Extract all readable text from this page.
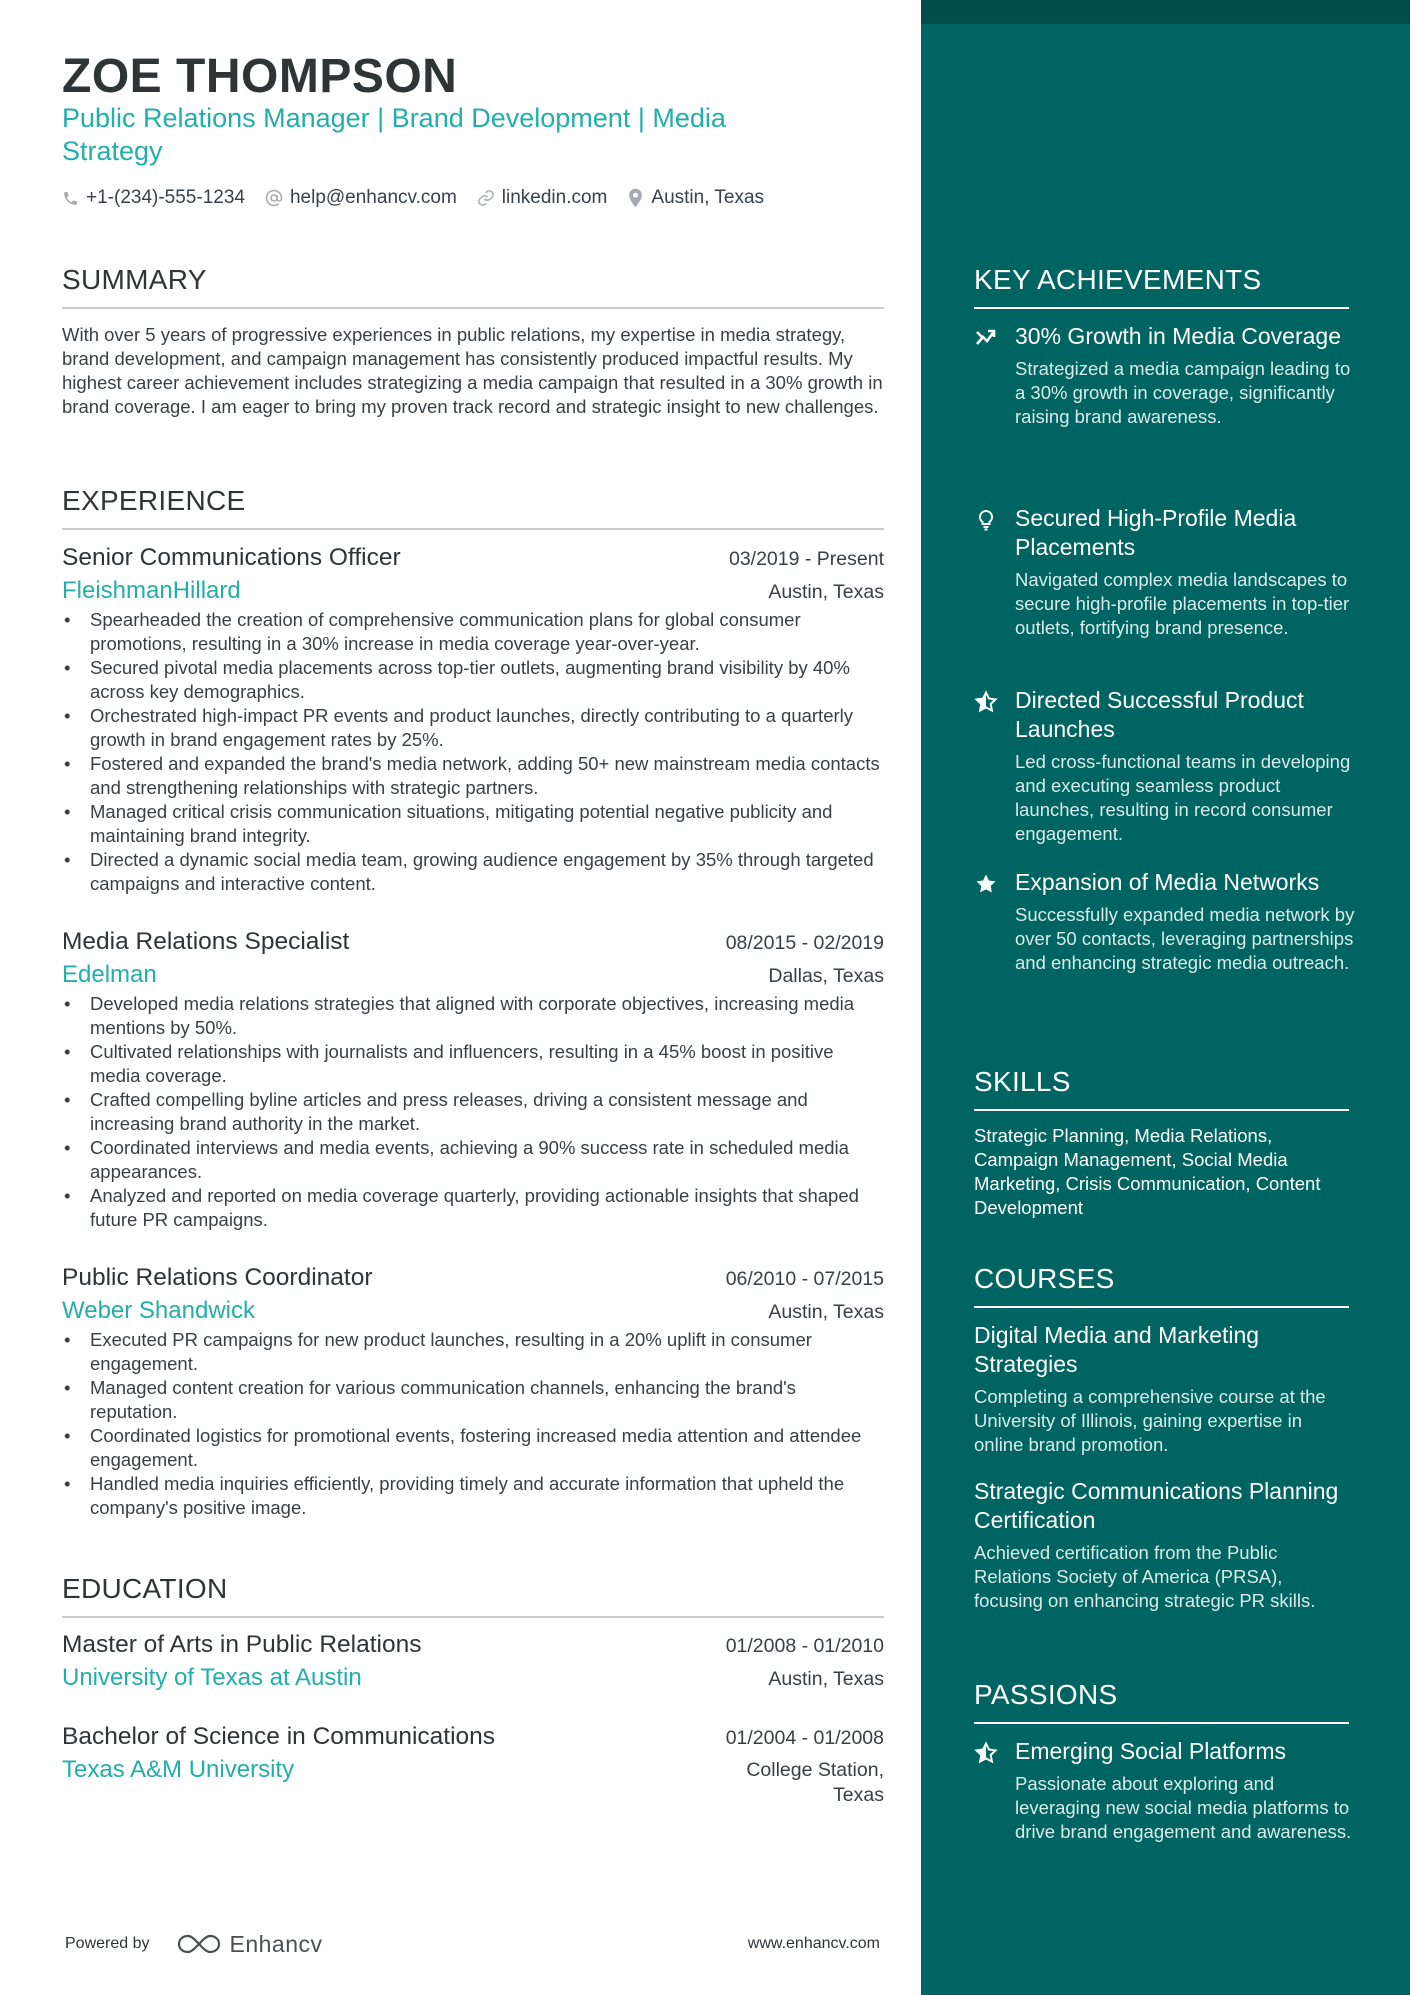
ZOE THOMPSON
Public Relations Manager | Brand Development | Media Strategy
+1-(234)-555-1234 help@enhancv.com linkedin.com Austin, Texas
SUMMARY
With over 5 years of progressive experiences in public relations, my expertise in media strategy, brand development, and campaign management has consistently produced impactful results. My highest career achievement includes strategizing a media campaign that resulted in a 30% growth in brand coverage. I am eager to bring my proven track record and strategic insight to new challenges.
EXPERIENCE
Senior Communications Officer	03/2019 - Present
FleishmanHillard	Austin, Texas
• Spearheaded the creation of comprehensive communication plans for global consumer promotions, resulting in a 30% increase in media coverage year-over-year.
• Secured pivotal media placements across top-tier outlets, augmenting brand visibility by 40% across key demographics.
• Orchestrated high-impact PR events and product launches, directly contributing to a quarterly growth in brand engagement rates by 25%.
• Fostered and expanded the brand's media network, adding 50+ new mainstream media contacts and strengthening relationships with strategic partners.
• Managed critical crisis communication situations, mitigating potential negative publicity and maintaining brand integrity.
• Directed a dynamic social media team, growing audience engagement by 35% through targeted campaigns and interactive content.
Media Relations Specialist	08/2015 - 02/2019
Edelman	Dallas, Texas
• Developed media relations strategies that aligned with corporate objectives, increasing media mentions by 50%.
• Cultivated relationships with journalists and influencers, resulting in a 45% boost in positive media coverage.
• Crafted compelling byline articles and press releases, driving a consistent message and increasing brand authority in the market.
• Coordinated interviews and media events, achieving a 90% success rate in scheduled media appearances.
• Analyzed and reported on media coverage quarterly, providing actionable insights that shaped future PR campaigns.
Public Relations Coordinator	06/2010 - 07/2015
Weber Shandwick	Austin, Texas
• Executed PR campaigns for new product launches, resulting in a 20% uplift in consumer engagement.
• Managed content creation for various communication channels, enhancing the brand's reputation.
• Coordinated logistics for promotional events, fostering increased media attention and attendee engagement.
• Handled media inquiries efficiently, providing timely and accurate information that upheld the company's positive image.
EDUCATION
Master of Arts in Public Relations	01/2008 - 01/2010
University of Texas at Austin	Austin, Texas
Bachelor of Science in Communications	01/2004 - 01/2008
Texas A&M University	College Station, Texas
Powered by	Enhancv	www.enhancv.com
KEY ACHIEVEMENTS
30% Growth in Media Coverage
Strategized a media campaign leading to a 30% growth in coverage, significantly raising brand awareness.
Secured High-Profile Media Placements
Navigated complex media landscapes to secure high-profile placements in top-tier outlets, fortifying brand presence.
Directed Successful Product Launches
Led cross-functional teams in developing and executing seamless product launches, resulting in record consumer engagement.
Expansion of Media Networks
Successfully expanded media network by over 50 contacts, leveraging partnerships and enhancing strategic media outreach.
SKILLS
Strategic Planning, Media Relations, Campaign Management, Social Media Marketing, Crisis Communication, Content Development
COURSES
Digital Media and Marketing Strategies
Completing a comprehensive course at the University of Illinois, gaining expertise in online brand promotion.
Strategic Communications Planning Certification
Achieved certification from the Public Relations Society of America (PRSA), focusing on enhancing strategic PR skills.
PASSIONS
Emerging Social Platforms
Passionate about exploring and leveraging new social media platforms to drive brand engagement and awareness.
